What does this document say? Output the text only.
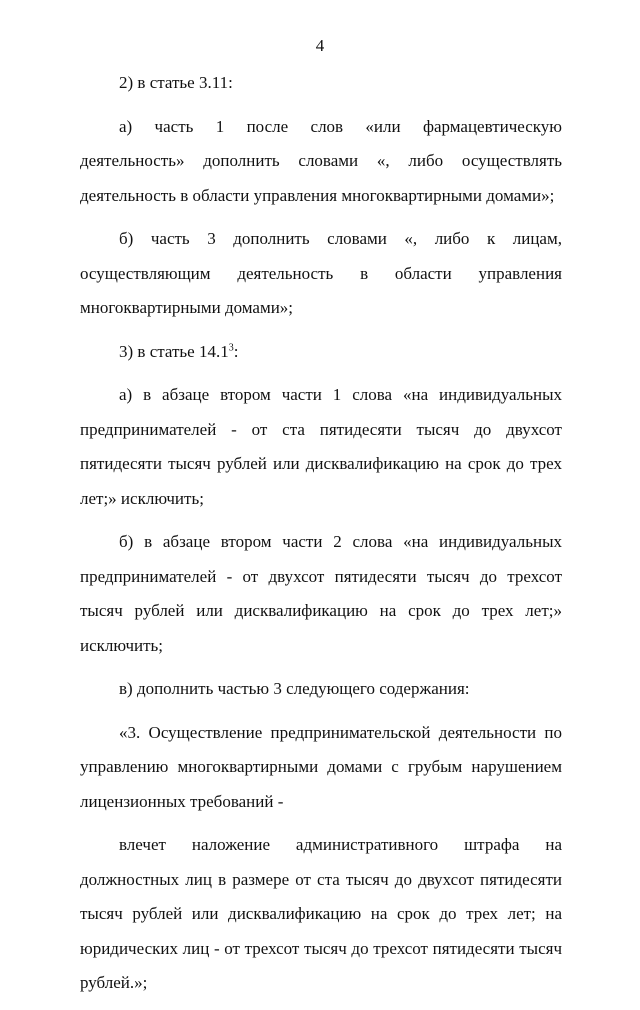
4

2) в статье 3.11:

а) часть 1 после слов «или фармацевтическую деятельность» дополнить словами «, либо осуществлять деятельность в области управления многоквартирными домами»;

б) часть 3 дополнить словами «, либо к лицам, осуществляющим деятельность в области управления многоквартирными домами»;

3) в статье 14.1$^3$:

а) в абзаце втором части 1 слова «на индивидуальных предпринимателей - от ста пятидесяти тысяч до двухсот пятидесяти тысяч рублей или дисквалификацию на срок до трех лет;» исключить;

б) в абзаце втором части 2 слова «на индивидуальных предпринимателей - от двухсот пятидесяти тысяч до трехсот тысяч рублей или дисквалификацию на срок до трех лет;» исключить;

в) дополнить частью 3 следующего содержания:

«3. Осуществление предпринимательской деятельности по управлению многоквартирными домами с грубым нарушением лицензионных требований -

влечет наложение административного штрафа на должностных лиц в размере от ста тысяч до двухсот пятидесяти тысяч рублей или дисквалификацию на срок до трех лет; на юридических лиц - от трехсот тысяч до трехсот пятидесяти тысяч рублей.»;
